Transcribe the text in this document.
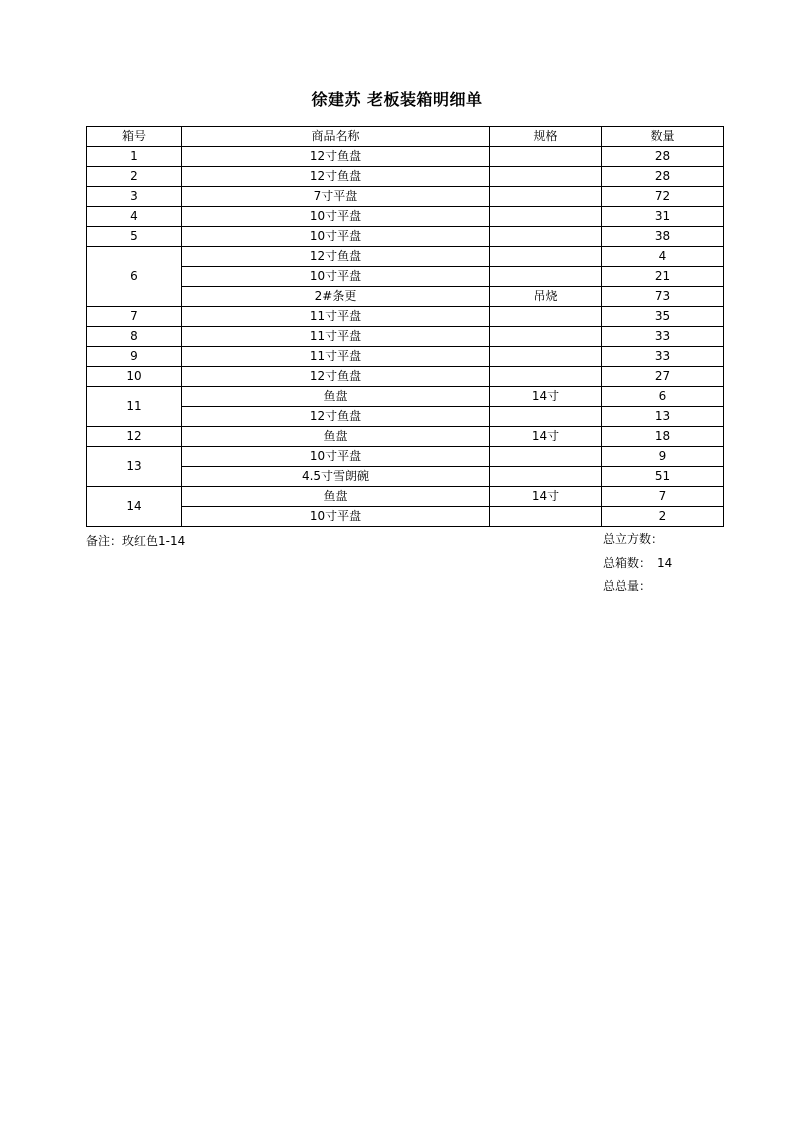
徐建苏 老板装箱明细单
箱号	商品名称	规格	数量
1	12寸鱼盘		28
2	12寸鱼盘		28
3	7寸平盘		72
4	10寸平盘		31
5	10寸平盘		38
6	12寸鱼盘		4
	10寸平盘		21
	2#条更	吊烧	73
7	11寸平盘		35
8	11寸平盘		33
9	11寸平盘		33
10	12寸鱼盘		27
11	鱼盘	14寸	6
	12寸鱼盘		13
12	鱼盘	14寸	18
13	10寸平盘		9
	4.5寸雪朗碗		51
14	鱼盘	14寸	7
	10寸平盘		2
备注：玫红色1-14	总立方数：
总箱数： 14
总总量：
